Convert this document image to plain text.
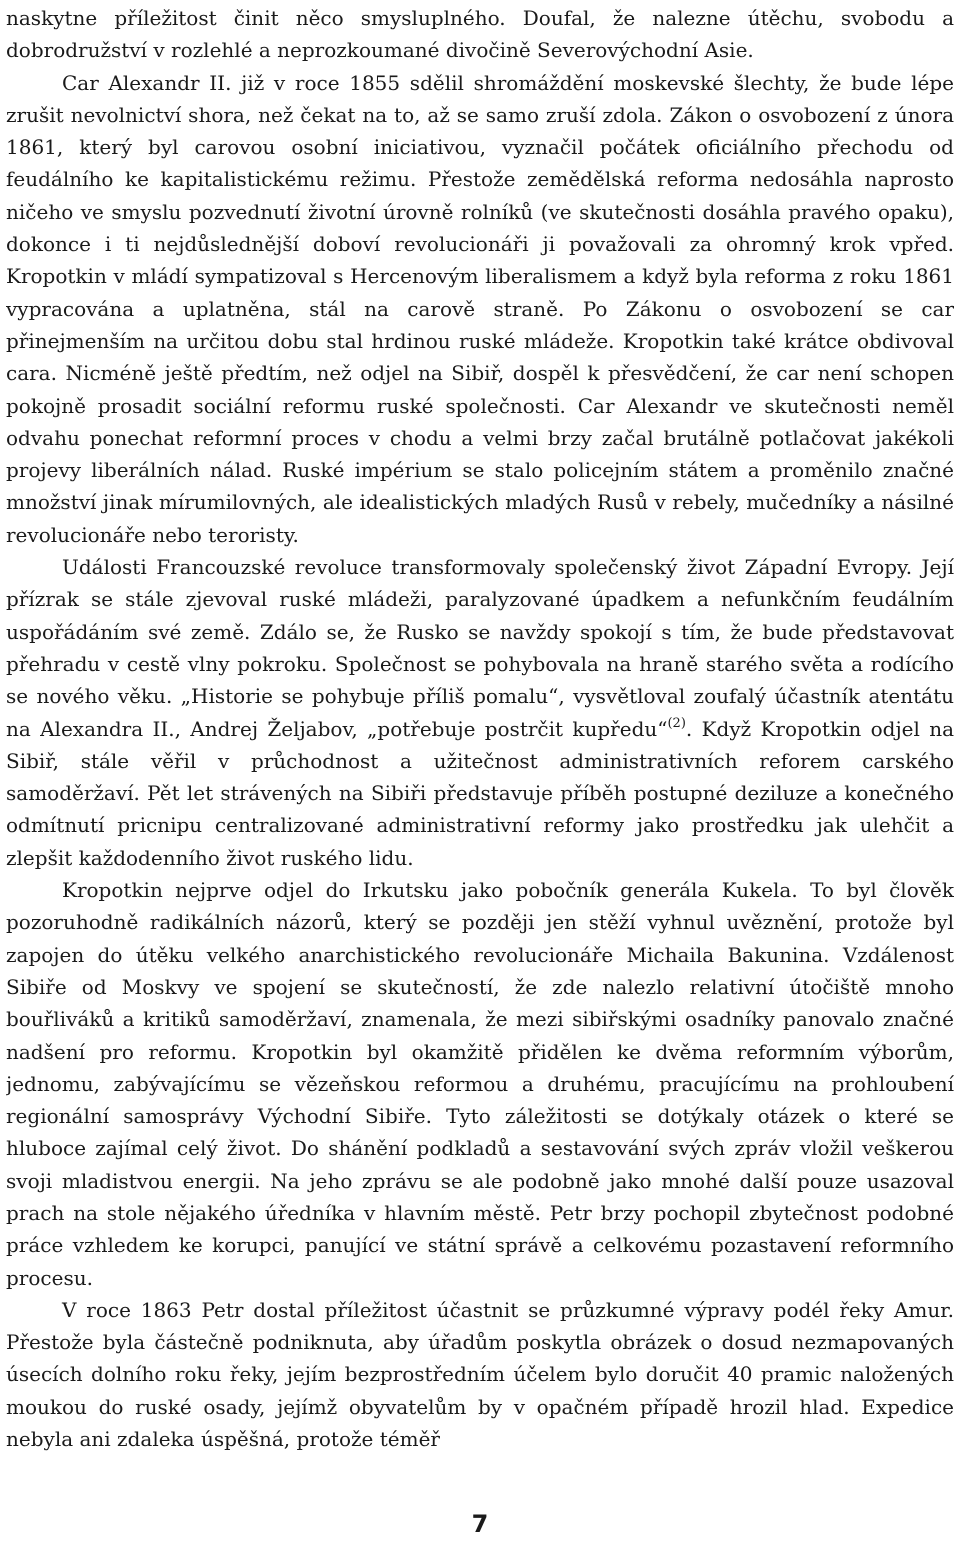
naskytne příležitost činit něco smysluplného. Doufal, že nalezne útěchu, svobodu a dobrodružství v rozlehlé a neprozkoumané divočině Severovýchodní Asie.

Car Alexandr II. již v roce 1855 sdělil shromáždění moskevské šlechty, že bude lépe zrušit nevolnictví shora, než čekat na to, až se samo zruší zdola. Zákon o osvobození z února 1861, který byl carovou osobní iniciativou, vyznačil počátek oficiálního přechodu od feudálního ke kapitalistickému režimu. Přestože zemědělská reforma nedosáhla naprosto ničeho ve smyslu pozvednutí životní úrovně rolníků (ve skutečnosti dosáhla pravého opaku), dokonce i ti nejdůslednější doboví revolucionáři ji považovali za ohromný krok vpřed. Kropotkin v mládí sympatizoval s Hercenovým liberalismem a když byla reforma z roku 1861 vypracována a uplatněna, stál na carově straně. Po Zákonu o osvobození se car přinejmenším na určitou dobu stal hrdinou ruské mládeže. Kropotkin také krátce obdivoval cara. Nicméně ještě předtím, než odjel na Sibiř, dospěl k přesvědčení, že car není schopen pokojně prosadit sociální reformu ruské společnosti. Car Alexandr ve skutečnosti neměl odvahu ponechat reformní proces v chodu a velmi brzy začal brutálně potlačovat jakékoli projevy liberálních nálad. Ruské impérium se stalo policejním státem a proměnilo značné množství jinak mírumilovných, ale idealistických mladých Rusů v rebely, mučedníky a násilné revolucionáře nebo teroristy.

Události Francouzské revoluce transformovaly společenský život Západní Evropy. Její přízrak se stále zjevoval ruské mládeži, paralyzované úpadkem a nefunkčním feudálním uspořádáním své země. Zdálo se, že Rusko se navždy spokojí s tím, že bude představovat přehradu v cestě vlny pokroku. Společnost se pohybovala na hraně starého světa a rodícího se nového věku. „Historie se pohybuje příliš pomalu“, vysvětloval zoufalý účastník atentátu na Alexandra II., Andrej Željabov, „potřebuje postrčit kupředu“$^{(2)}$. Když Kropotkin odjel na Sibiř, stále věřil v průchodnost a užitečnost administrativních reforem carského samoděržaví. Pět let strávených na Sibiři představuje příběh postupné deziluze a konečného odmítnutí pricnipu centralizované administrativní reformy jako prostředku jak ulehčit a zlepšit každodenního život ruského lidu.

Kropotkin nejprve odjel do Irkutsku jako pobočník generála Kukela. To byl člověk pozoruhodně radikálních názorů, který se později jen stěží vyhnul uvěznění, protože byl zapojen do útěku velkého anarchistického revolucionáře Michaila Bakunina. Vzdálenost Sibiře od Moskvy ve spojení se skutečností, že zde nalezlo relativní útočiště mnoho bouřliváků a kritiků samoděržaví, znamenala, že mezi sibiřskými osadníky panovalo značné nadšení pro reformu. Kropotkin byl okamžitě přidělen ke dvěma reformním výborům, jednomu, zabývajícímu se vězeňskou reformou a druhému, pracujícímu na prohloubení regionální samosprávy Východní Sibiře. Tyto záležitosti se dotýkaly otázek o které se hluboce zajímal celý život. Do shánění podkladů a sestavování svých zpráv vložil veškerou svoji mladistvou energii. Na jeho zprávu se ale podobně jako mnohé další pouze usazoval prach na stole nějakého úředníka v hlavním městě. Petr brzy pochopil zbytečnost podobné práce vzhledem ke korupci, panující ve státní správě a celkovému pozastavení reformního procesu.

V roce 1863 Petr dostal příležitost účastnit se průzkumné výpravy podél řeky Amur. Přestože byla částečně podniknuta, aby úřadům poskytla obrázek o dosud nezmapovaných úsecích dolního roku řeky, jejím bezprostředním účelem bylo doručit 40 pramic naložených moukou do ruské osady, jejímž obyvatelům by v opačném případě hrozil hlad. Expedice nebyla ani zdaleka úspěšná, protože téměř

7
